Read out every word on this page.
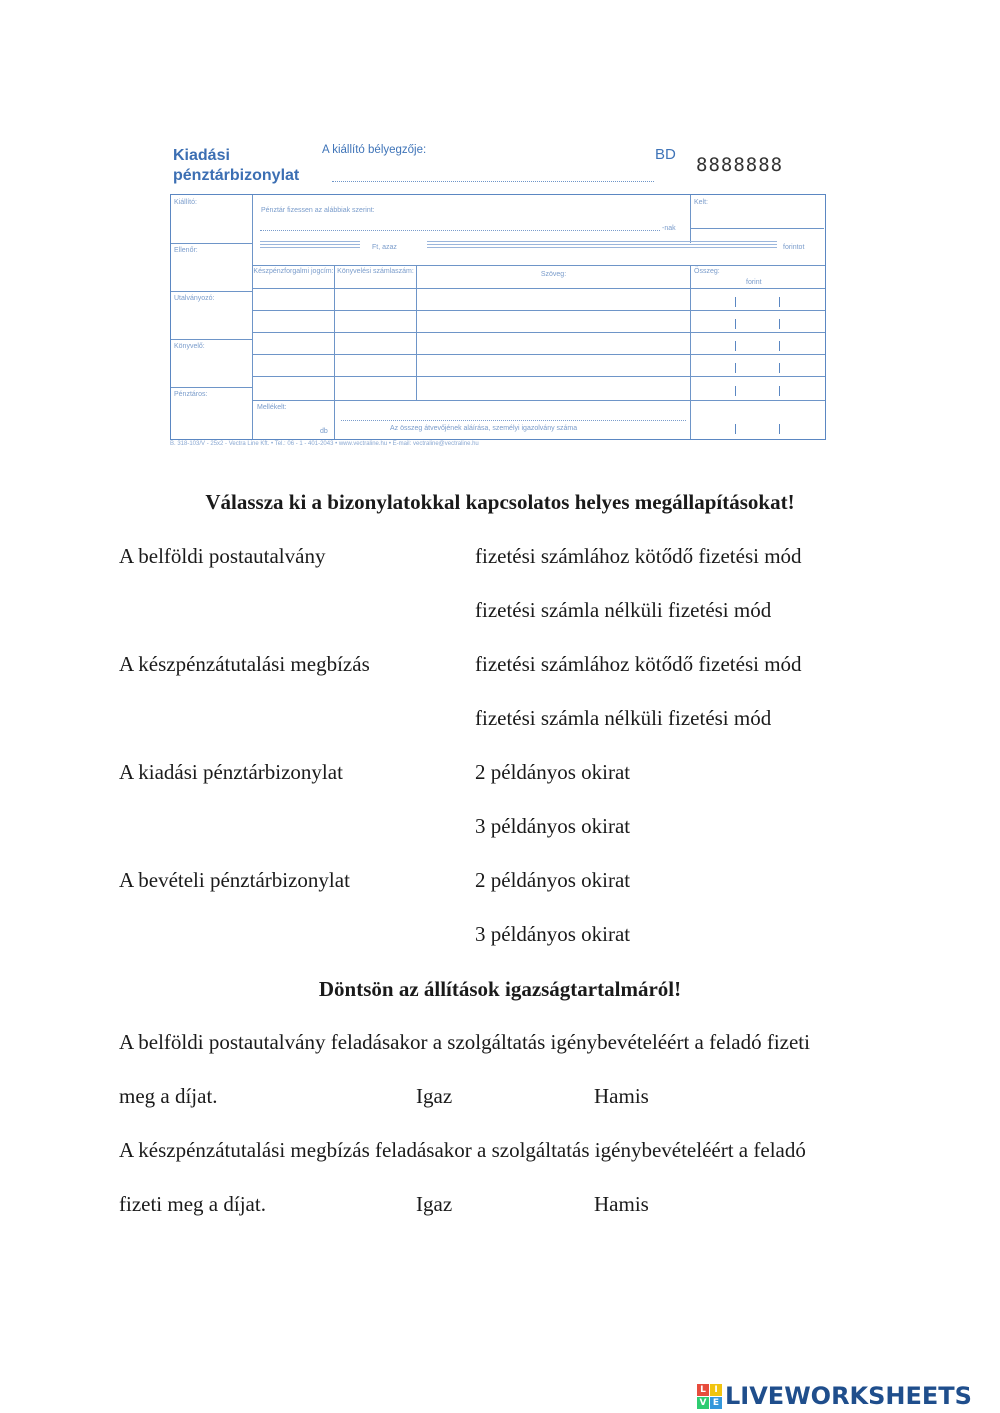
Kiadási
pénztárbizonylat
A kiállító bélyegzője:	BD 8888888
Kiállító:
Ellenőr:
Utalványozó:
Könyvelő:
Pénztáros:
Pénztár fizessen az alábbiak szerint:
-nak
Kelt:
Ft, azaz	forintot
Készpénzforgalmi jogcím: Könyvelési számlaszám:	Szöveg:	Összeg:
forint
Mellékelt:
db	Az összeg átvevőjének aláírása, személyi igazolvány száma
B. 318-103/V - 25x2 - Vectra Line Kft. • Tel.: 06 - 1 - 401-2043 • www.vectraline.hu • E-mail: vectraline@vectraline.hu
Válassza ki a bizonylatokkal kapcsolatos helyes megállapításokat!
A belföldi postautalvány	fizetési számlához kötődő fizetési mód
fizetési számla nélküli fizetési mód
A készpénzátutalási megbízás	fizetési számlához kötődő fizetési mód
fizetési számla nélküli fizetési mód
A kiadási pénztárbizonylat	2 példányos okirat
3 példányos okirat
A bevételi pénztárbizonylat	2 példányos okirat
3 példányos okirat
Döntsön az állítások igazságtartalmáról!
A belföldi postautalvány feladásakor a szolgáltatás igénybevételéért a feladó fizeti
meg a díjat.	Igaz	Hamis
A készpénzátutalási megbízás feladásakor a szolgáltatás igénybevételéért a feladó
fizeti meg a díjat.	Igaz	Hamis
L I
V E LIVEWORKSHEETS
